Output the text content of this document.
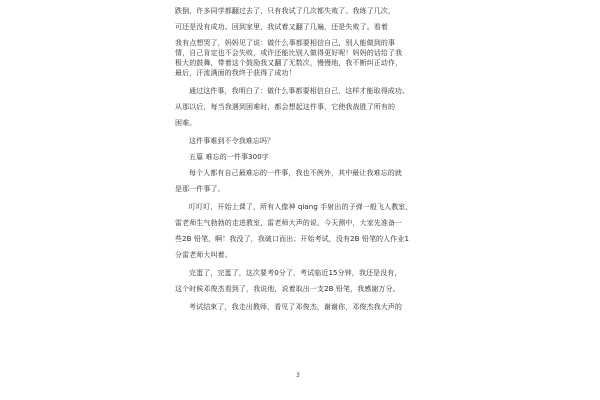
跌倒，许多同学都翻过去了，只有我试了几次都失败了。我练了几次，
可还是没有成功。回到家里，我试着又翻了几遍，还是失败了。看着
我有点想哭了，妈妈见了说：做什么事都要相信自己，别人能做到的事
情，自己肯定也不会失败，或许还能比别人做得更好呢！妈妈的话给了我
极大的鼓舞，带着这个鼓励我又翻了无数次，慢慢地，我不断纠正动作，
最后，汗流满面的我终于获得了成功！
通过这件事，我明白了：做什么事都要相信自己，这样才能取得成功。
从那以后，每当我遇到困难时，都会想起这件事，它使我战胜了所有的
困难。
这件事难到不令我难忘吗？
五篇 难忘的一件事300字
每个人都有自己最难忘的一件事，我也不例外，其中最让我难忘的就
是那一件事了。
叮叮叮，开始上课了，所有人像神 qiang 手射出的子弹一般飞人教室，
雷老师生气勃勃的走进教室，雷老师大声的说，今天测中，大家先准备一
些2B 铅笔，啊！我没了，我破口而出；开始考试，没有2B 铅笔的人作业1
分雷老师大叫着。
完蛋了，完蛋了，这次要考0分了，考试临近15分钟，我还是没有，
这个时候邓俊杰看到了，我说他，说着取出一支2B 铅笔，我感谢万分。
考试结束了，我走出教师，看见了邓俊杰，谢谢你，邓俊杰我大声的
3
